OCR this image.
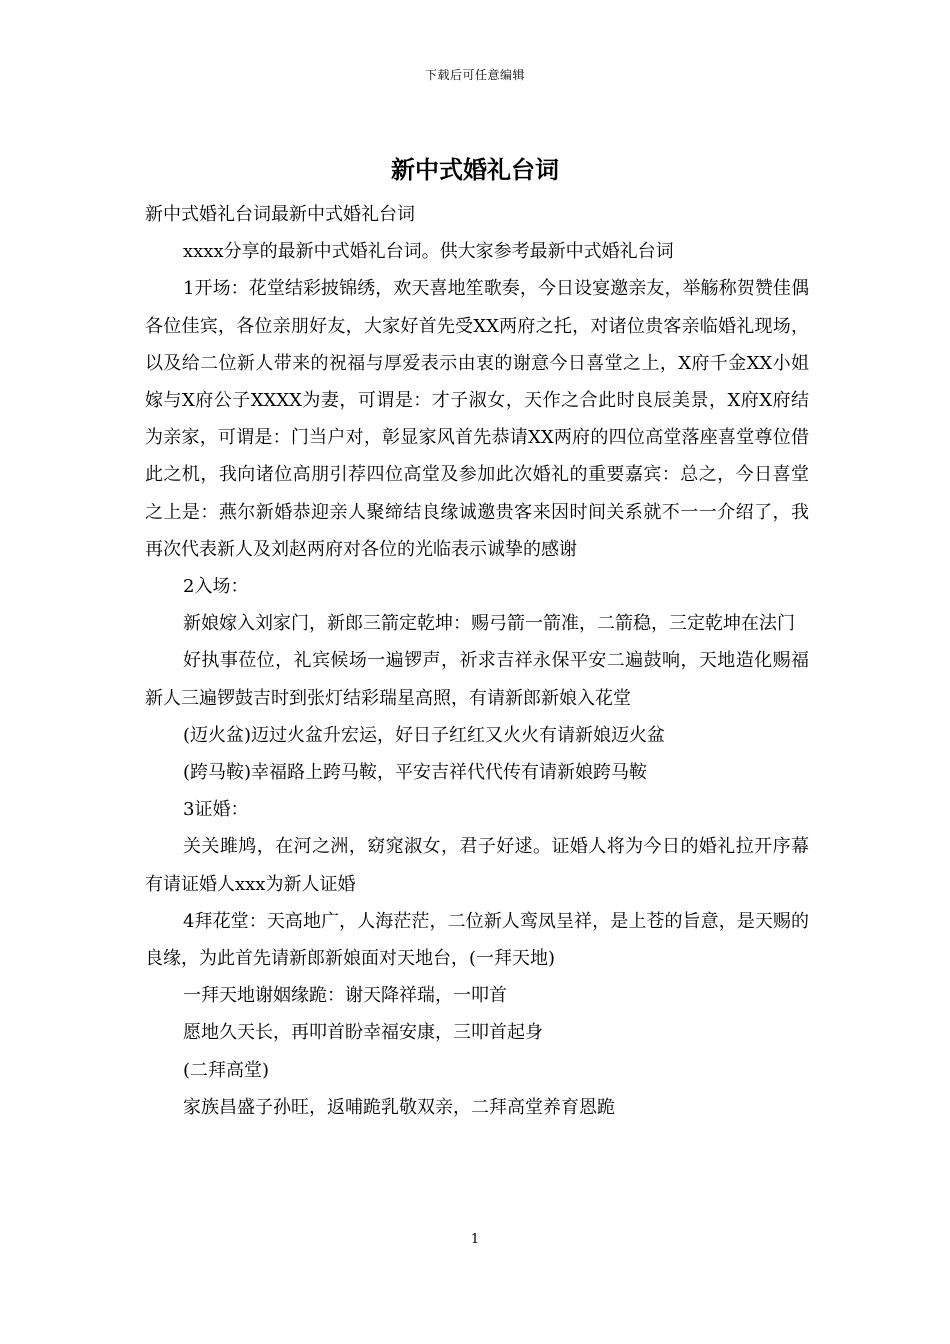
下载后可任意编辑
新中式婚礼台词

新中式婚礼台词最新中式婚礼台词

xxxx分享的最新中式婚礼台词。供大家参考最新中式婚礼台词

1开场：花堂结彩披锦绣，欢天喜地笙歌奏，今日设宴邀亲友，举觞称贺赞佳偶各位佳宾，各位亲朋好友，大家好首先受XX两府之托，对诸位贵客亲临婚礼现场，以及给二位新人带来的祝福与厚爱表示由衷的谢意今日喜堂之上，X府千金XX小姐嫁与X府公子XXXX为妻，可谓是：才子淑女，天作之合此时良辰美景，X府X府结为亲家，可谓是：门当户对，彰显家风首先恭请XX两府的四位高堂落座喜堂尊位借此之机，我向诸位高朋引荐四位高堂及参加此次婚礼的重要嘉宾：总之，今日喜堂之上是：燕尔新婚恭迎亲人聚缔结良缘诚邀贵客来因时间关系就不一一介绍了，我再次代表新人及刘赵两府对各位的光临表示诚挚的感谢

2入场：

新娘嫁入刘家门，新郎三箭定乾坤：赐弓箭一箭准，二箭稳，三定乾坤在法门

好执事莅位，礼宾候场一遍锣声，祈求吉祥永保平安二遍鼓响，天地造化赐福新人三遍锣鼓吉时到张灯结彩瑞星高照，有请新郎新娘入花堂

(迈火盆)迈过火盆升宏运，好日子红红又火火有请新娘迈火盆

(跨马鞍)幸福路上跨马鞍，平安吉祥代代传有请新娘跨马鞍

3证婚：

关关雎鸠，在河之洲，窈窕淑女，君子好逑。证婚人将为今日的婚礼拉开序幕有请证婚人xxx为新人证婚

4拜花堂：天高地广，人海茫茫，二位新人鸾凤呈祥，是上苍的旨意，是天赐的良缘，为此首先请新郎新娘面对天地台，(一拜天地)

一拜天地谢姻缘跪：谢天降祥瑞，一叩首

愿地久天长，再叩首盼幸福安康，三叩首起身

(二拜高堂)

家族昌盛子孙旺，返哺跪乳敬双亲，二拜高堂养育恩跪

1
